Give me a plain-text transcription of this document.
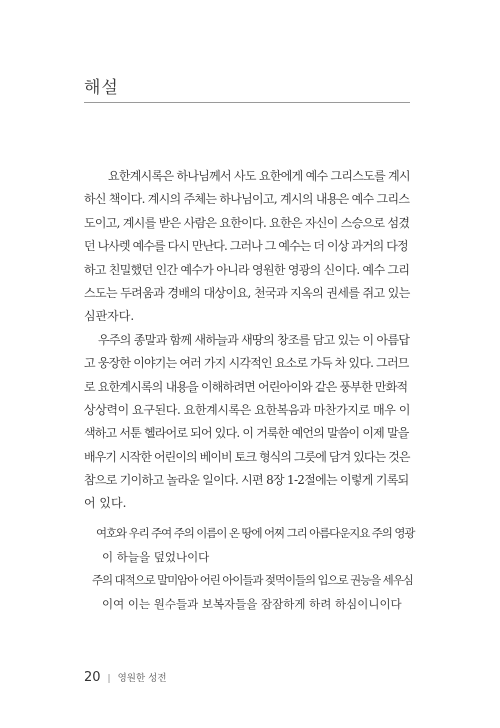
해설
요한계시록은 하나님께서 사도 요한에게 예수 그리스도를 계시
하신 책이다. 계시의 주체는 하나님이고, 계시의 내용은 예수 그리스
도이고, 계시를 받은 사람은 요한이다. 요한은 자신이 스승으로 섬겼
던 나사렛 예수를 다시 만난다. 그러나 그 예수는 더 이상 과거의 다정
하고 친밀했던 인간 예수가 아니라 영원한 영광의 신이다. 예수 그리
스도는 두려움과 경배의 대상이요, 천국과 지옥의 권세를 쥐고 있는
심판자다.
우주의 종말과 함께 새하늘과 새땅의 창조를 담고 있는 이 아름답
고 웅장한 이야기는 여러 가지 시각적인 요소로 가득 차 있다. 그러므
로 요한계시록의 내용을 이해하려면 어린아이와 같은 풍부한 만화적
상상력이 요구된다. 요한계시록은 요한복음과 마찬가지로 매우 이
색하고 서툰 헬라어로 되어 있다. 이 거룩한 예언의 말씀이 이제 말을
배우기 시작한 어린이의 베이비 토크 형식의 그릇에 담겨 있다는 것은
참으로 기이하고 놀라운 일이다. 시편 8장 1-2절에는 이렇게 기록되
어 있다.
여호와 우리 주여 주의 이름이 온 땅에 어찌 그리 아름다운지요 주의 영광
이 하늘을 덮었나이다
주의 대적으로 말미암아 어린 아이들과 젖먹이들의 입으로 권능을 세우심
이여 이는 원수들과 보복자들을 잠잠하게 하려 하심이니이다
20 | 영원한 성전
